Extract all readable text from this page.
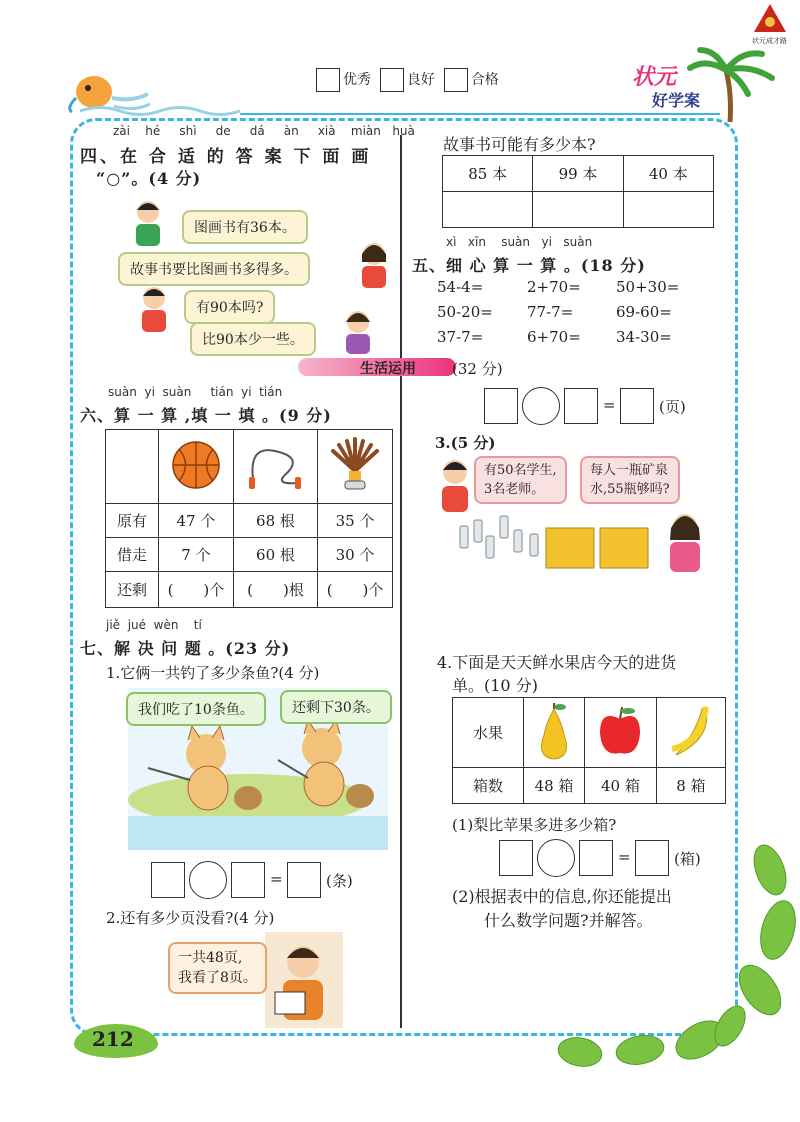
优秀	良好	合格	状元
好学案
状元成才路
zài hé shì de dá àn xià miàn huà
四、在 合 适 的 答 案 下 面 画
“○”。(4 分)
图画书有36本。
故事书要比图画书多得多。
有90本吗?
比90本少一些。
故事书可能有多少本?
85 本	99 本	40 本

xì xīn suàn yi suàn
五、细 心 算 一 算 。(18 分)
54-4=	2+70= 50+30=
50-20= 77-7=	69-60=
37-7=	6+70= 34-30=
生活运用 (32 分)
suàn yi suàn tián yi tián
六、算 一 算 ,填 一 填 。(9 分)

原有	47 个	68 根	35 个
借走	7 个	60 根	30 个
还剩	(　　)个	(　　)根	(　　)个
jiě jué wèn tí
七、解 决 问 题 。(23 分)
1.它俩一共钓了多少条鱼?(4 分)
我们吃了10条鱼。	还剩下30条。
=	(条)
2.还有多少页没看?(4 分)
一共48页,
我看了8页。
=	(页)
3.(5 分)
有50名学生,
3名老师。
每人一瓶矿泉
水,55瓶够吗?
4.下面是天天鲜水果店今天的进货
单。(10 分)
水果			
箱数	48 箱	40 箱	8 箱
(1)梨比苹果多进多少箱?
=	(箱)
(2)根据表中的信息,你还能提出
什么数学问题?并解答。
212
